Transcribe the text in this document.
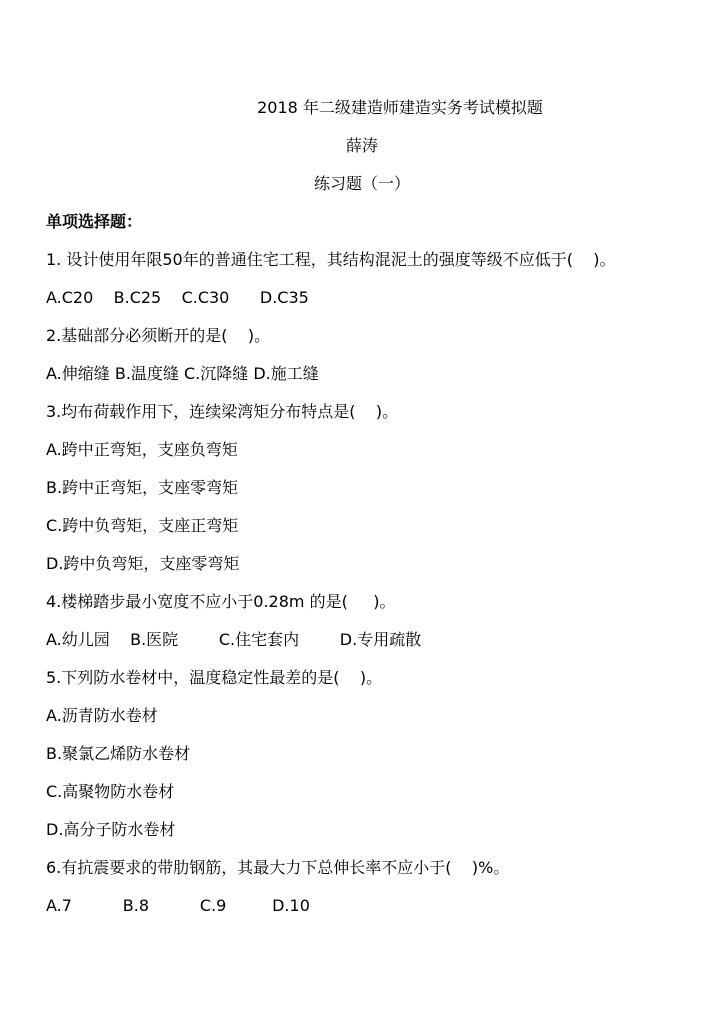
2018 年二级建造师建造实务考试模拟题
薛涛
练习题（一）
单项选择题：
1. 设计使用年限50年的普通住宅工程，其结构混泥土的强度等级不应低于(    )。
A.C20    B.C25    C.C30      D.C35
2.基础部分必须断开的是(    )。
A.伸缩缝 B.温度缝 C.沉降缝 D.施工缝
3.均布荷载作用下，连续梁湾矩分布特点是(    )。
A.跨中正弯矩，支座负弯矩
B.跨中正弯矩，支座零弯矩
C.跨中负弯矩，支座正弯矩
D.跨中负弯矩，支座零弯矩
4.楼梯踏步最小宽度不应小于0.28m 的是(     )。
A.幼儿园    B.医院        C.住宅套内        D.专用疏散
5.下列防水卷材中，温度稳定性最差的是(    )。
A.沥青防水卷材
B.聚氯乙烯防水卷材
C.高聚物防水卷材
D.高分子防水卷材
6.有抗震要求的带肋钢筋，其最大力下总伸长率不应小于(    )%。
A.7          B.8          C.9         D.10
